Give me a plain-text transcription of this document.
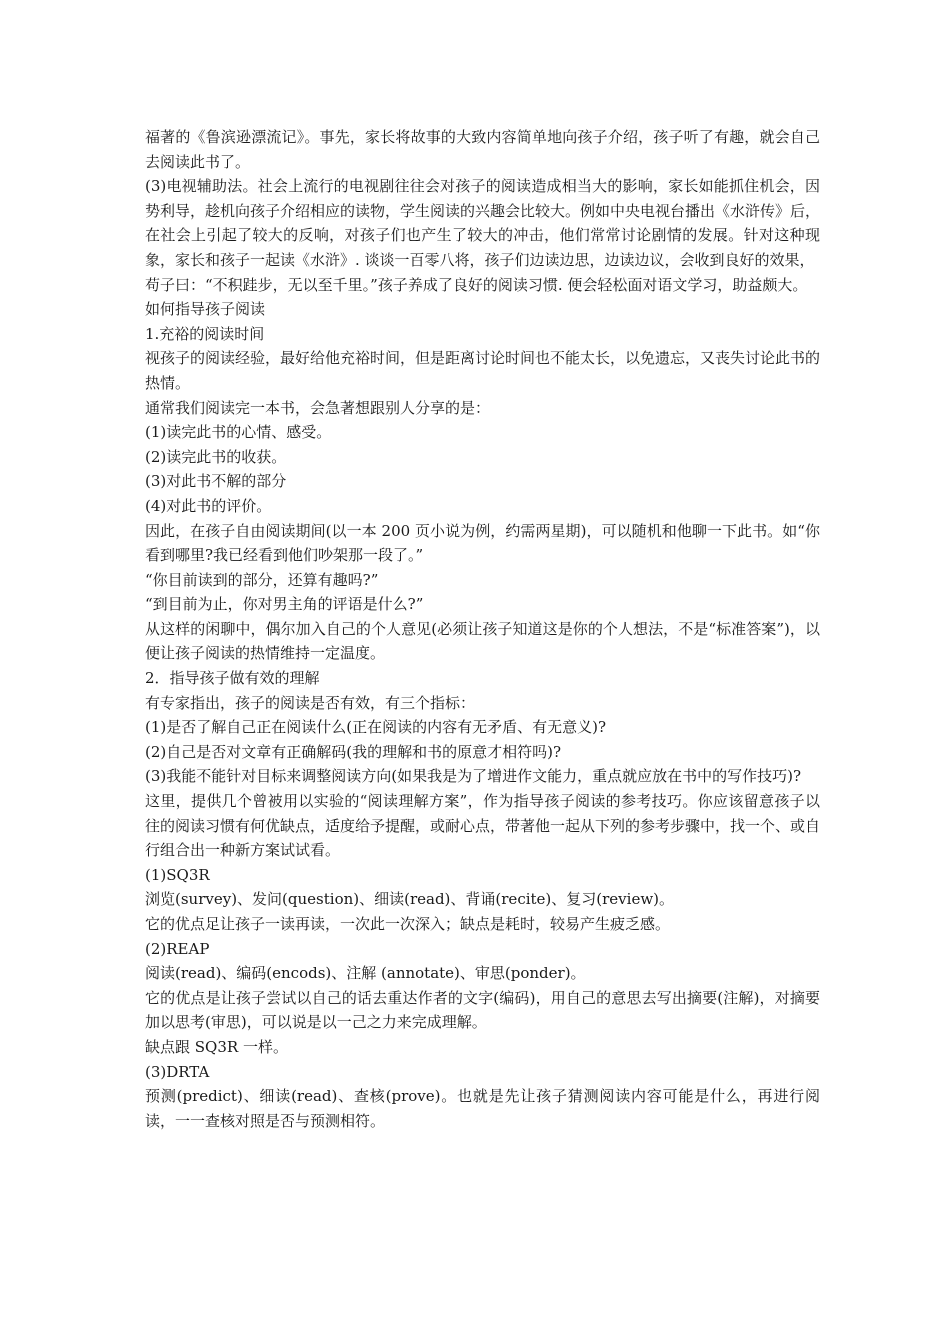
福著的《鲁滨逊漂流记》。事先，家长将故事的大致内容简单地向孩子介绍，孩子听了有趣，就会自己去阅读此书了。

(3)电视辅助法。社会上流行的电视剧往往会对孩子的阅读造成相当大的影响，家长如能抓住机会，因势利导，趁机向孩子介绍相应的读物，学生阅读的兴趣会比较大。例如中央电视台播出《水浒传》后，在社会上引起了较大的反响，对孩子们也产生了较大的冲击，他们常常讨论剧情的发展。针对这种现象，家长和孩子一起读《水浒》. 谈谈一百零八将，孩子们边读边思，边读边议，会收到良好的效果，

苟子曰：“不积跬步，无以至千里。”孩子养成了良好的阅读习惯. 便会轻松面对语文学习，助益颇大。

如何指导孩子阅读

1.充裕的阅读时间

视孩子的阅读经验，最好给他充裕时间，但是距离讨论时间也不能太长，以免遗忘，又丧失讨论此书的热情。

通常我们阅读完一本书，会急著想跟别人分享的是：

(1)读完此书的心情、感受。

(2)读完此书的收获。

(3)对此书不解的部分

(4)对此书的评价。

因此，在孩子自由阅读期间(以一本 200 页小说为例，约需两星期)，可以随机和他聊一下此书。如“你看到哪里?我已经看到他们吵架那一段了。”

“你目前读到的部分，还算有趣吗?”

“到目前为止，你对男主角的评语是什么?”

从这样的闲聊中，偶尔加入自己的个人意见(必须让孩子知道这是你的个人想法，不是“标准答案”)，以便让孩子阅读的热情维持一定温度。

2．指导孩子做有效的理解

有专家指出，孩子的阅读是否有效，有三个指标：

(1)是否了解自己正在阅读什么(正在阅读的内容有无矛盾、有无意义)?

(2)自己是否对文章有正确解码(我的理解和书的原意才相符吗)?

(3)我能不能针对目标来调整阅读方向(如果我是为了增进作文能力，重点就应放在书中的写作技巧)?

这里，提供几个曾被用以实验的“阅读理解方案”，作为指导孩子阅读的参考技巧。你应该留意孩子以往的阅读习惯有何优缺点，适度给予提醒，或耐心点，带著他一起从下列的参考步骤中，找一个、或自行组合出一种新方案试试看。

(1)SQ3R

浏览(survey)、发问(question)、细读(read)、背诵(recite)、复习(review)。

它的优点足让孩子一读再读，一次此一次深入；缺点是耗时，较易产生疲乏感。

(2)REAP

阅读(read)、编码(encods)、注解 (annotate)、审思(ponder)。

它的优点是让孩子尝试以自己的话去重达作者的文字(编码)，用自己的意思去写出摘要(注解)，对摘要加以思考(审思)，可以说是以一己之力来完成理解。

缺点跟 SQ3R 一样。

(3)DRTA

预测(predict)、细读(read)、查核(prove)。也就是先让孩子猜测阅读内容可能是什么，再进行阅读，一一查核对照是否与预测相符。
